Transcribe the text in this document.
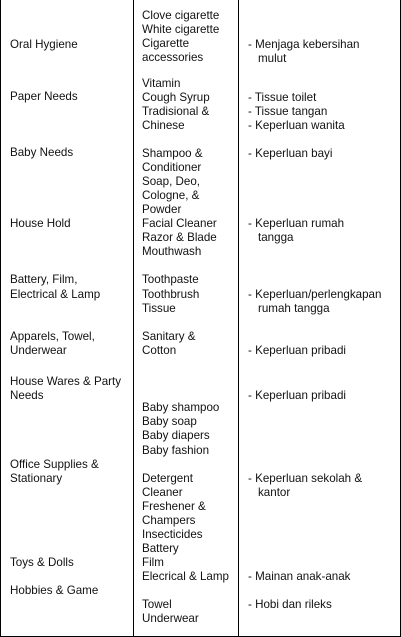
Oral Hygiene
Paper Needs
Baby Needs
House Hold
Battery, Film,
Electrical & Lamp
Apparels, Towel,
Underwear
House Wares & Party
Needs
Office Supplies &
Stationary
Toys & Dolls
Hobbies & Game
Clove cigarette
White cigarette
Cigarette
accessories
Vitamin
Cough Syrup
Tradisional &
Chinese
Shampoo &
Conditioner
Soap, Deo,
Cologne, &
Powder
Facial Cleaner
Razor & Blade
Mouthwash
Toothpaste
Toothbrush
Tissue
Sanitary &
Cotton
Baby shampoo
Baby soap
Baby diapers
Baby fashion
Detergent
Cleaner
Freshener &
Champers
Insecticides
Battery
Film
Elecrical & Lamp
Towel
Underwear
- Menjaga kebersihan
mulut
- Tissue toilet
- Tissue tangan
- Keperluan wanita
- Keperluan bayi
- Keperluan rumah
tangga
- Keperluan/perlengkapan
rumah tangga
- Keperluan pribadi
- Keperluan pribadi
- Keperluan sekolah &
kantor
- Mainan anak-anak
- Hobi dan rileks
